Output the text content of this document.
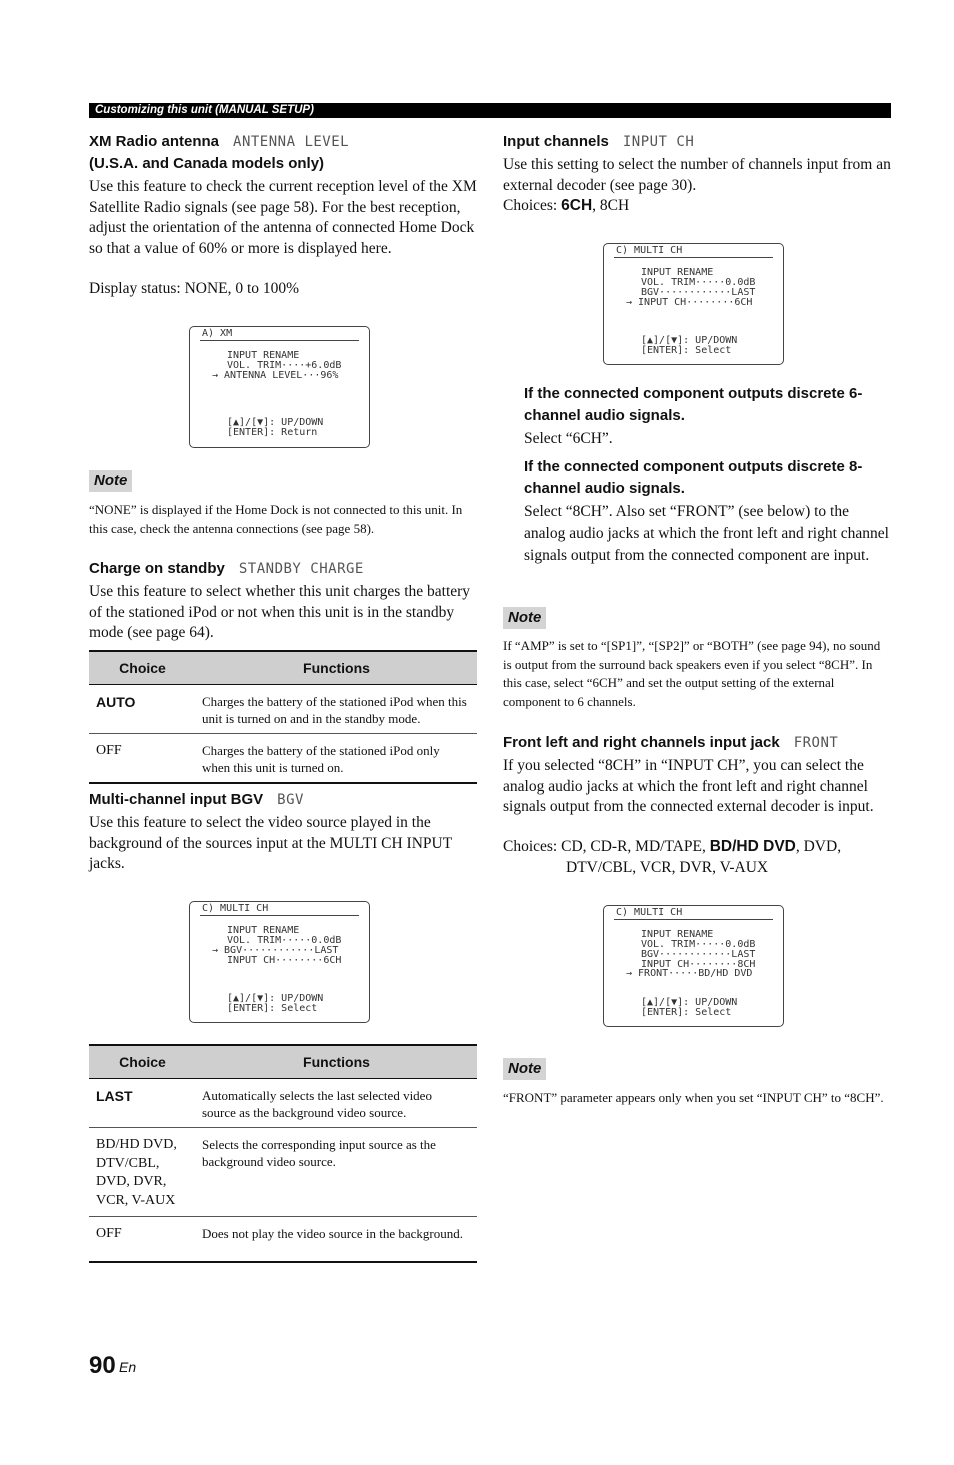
Customizing this unit (MANUAL SETUP)
XM Radio antenna ANTENNA LEVEL
(U.S.A. and Canada models only)
Use this feature to check the current reception level of the XM Satellite Radio signals (see page 58). For the best reception, adjust the orientation of the antenna of connected Home Dock so that a value of 60% or more is displayed here.
Display status: NONE, 0 to 100%
A) XM
INPUT RENAME
VOL. TRIM····+6.0dB
→ ANTENNA LEVEL···96%
[▲]/[▼]: UP/DOWN
[ENTER]: Return
Note
“NONE” is displayed if the Home Dock is not connected to this unit. In this case, check the antenna connections (see page 58).
Charge on standby STANDBY CHARGE
Use this feature to select whether this unit charges the battery of the stationed iPod or not when this unit is in the standby mode (see page 64).
Choice	Functions
AUTO	Charges the battery of the stationed iPod when this unit is turned on and in the standby mode.
OFF	Charges the battery of the stationed iPod only when this unit is turned on.
Multi-channel input BGV BGV
Use this feature to select the video source played in the background of the sources input at the MULTI CH INPUT jacks.
C) MULTI CH
INPUT RENAME
VOL. TRIM·····0.0dB
→ BGV············LAST
INPUT CH········6CH
[▲]/[▼]: UP/DOWN
[ENTER]: Select
Choice	Functions
LAST	Automatically selects the last selected video source as the background video source.
BD/HD DVD, DTV/CBL, DVD, DVR, VCR, V-AUX	Selects the corresponding input source as the background video source.
OFF	Does not play the video source in the background.
Input channels INPUT CH
Use this setting to select the number of channels input from an external decoder (see page 30).
Choices: 6CH, 8CH
C) MULTI CH
INPUT RENAME
VOL. TRIM·····0.0dB
BGV············LAST
→ INPUT CH········6CH
[▲]/[▼]: UP/DOWN
[ENTER]: Select
If the connected component outputs discrete 6-channel audio signals.
Select “6CH”.
If the connected component outputs discrete 8-channel audio signals.
Select “8CH”. Also set “FRONT” (see below) to the analog audio jacks at which the front left and right channel signals output from the connected component are input.
Note
If “AMP” is set to “[SP1]”, “[SP2]” or “BOTH” (see page 94), no sound is output from the surround back speakers even if you select “8CH”. In this case, select “6CH” and set the output setting of the external component to 6 channels.
Front left and right channels input jack FRONT
If you selected “8CH” in “INPUT CH”, you can select the analog audio jacks at which the front left and right channel signals output from the connected external decoder is input.
Choices: CD, CD-R, MD/TAPE, BD/HD DVD, DVD,
DTV/CBL, VCR, DVR, V-AUX
C) MULTI CH
INPUT RENAME
VOL. TRIM·····0.0dB
BGV············LAST
INPUT CH········8CH
→ FRONT·····BD/HD DVD
[▲]/[▼]: UP/DOWN
[ENTER]: Select
Note
“FRONT” parameter appears only when you set “INPUT CH” to “8CH”.
90 En
